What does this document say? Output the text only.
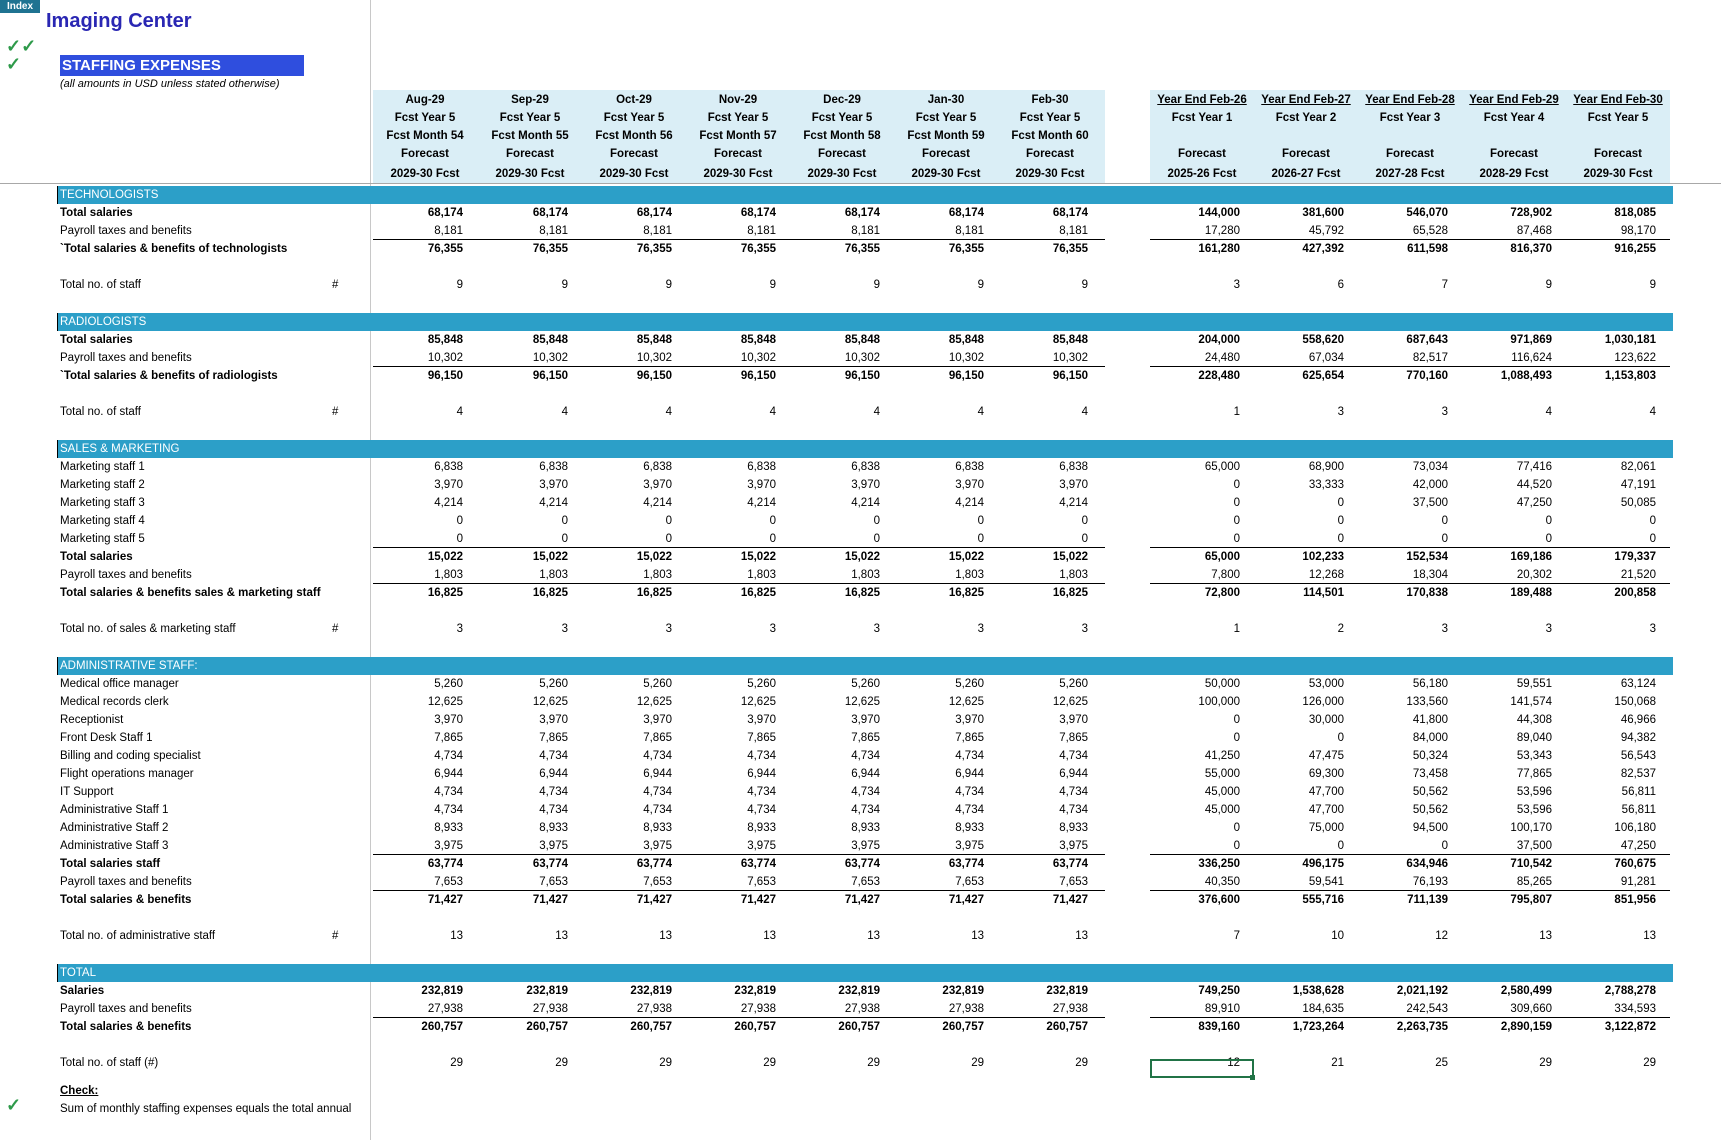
Index
Imaging Center
✓✓
✓	STAFFING EXPENSES
(all amounts in USD unless stated otherwise)
Aug-29	Sep-29	Oct-29	Nov-29	Dec-29	Jan-30	Feb-30	Year End Feb-26	Year End Feb-27	Year End Feb-28	Year End Feb-29	Year End Feb-30
Fcst Year 5	Fcst Year 5	Fcst Year 5	Fcst Year 5	Fcst Year 5	Fcst Year 5	Fcst Year 5	Fcst Year 1	Fcst Year 2	Fcst Year 3	Fcst Year 4	Fcst Year 5
Fcst Month 54	Fcst Month 55	Fcst Month 56	Fcst Month 57	Fcst Month 58	Fcst Month 59	Fcst Month 60
Forecast	Forecast	Forecast	Forecast	Forecast	Forecast	Forecast	Forecast	Forecast	Forecast	Forecast	Forecast
2029-30 Fcst	2029-30 Fcst	2029-30 Fcst	2029-30 Fcst	2029-30 Fcst	2029-30 Fcst	2029-30 Fcst	2025-26 Fcst	2026-27 Fcst	2027-28 Fcst	2028-29 Fcst	2029-30 Fcst
TECHNOLOGISTS
Total salaries	68,174	68,174	68,174	68,174	68,174	68,174	68,174	144,000	381,600	546,070	728,902	818,085
Payroll taxes and benefits	8,181	8,181	8,181	8,181	8,181	8,181	8,181	17,280	45,792	65,528	87,468	98,170
`Total salaries & benefits of technologists	76,355	76,355	76,355	76,355	76,355	76,355	76,355	161,280	427,392	611,598	816,370	916,255
Total no. of staff	#	9	9	9	9	9	9	9	3	6	7	9	9
RADIOLOGISTS
Total salaries	85,848	85,848	85,848	85,848	85,848	85,848	85,848	204,000	558,620	687,643	971,869	1,030,181
Payroll taxes and benefits	10,302	10,302	10,302	10,302	10,302	10,302	10,302	24,480	67,034	82,517	116,624	123,622
`Total salaries & benefits of radiologists	96,150	96,150	96,150	96,150	96,150	96,150	96,150	228,480	625,654	770,160	1,088,493	1,153,803
Total no. of staff	#	4	4	4	4	4	4	4	1	3	3	4	4
SALES & MARKETING
Marketing staff 1	6,838	6,838	6,838	6,838	6,838	6,838	6,838	65,000	68,900	73,034	77,416	82,061
Marketing staff 2	3,970	3,970	3,970	3,970	3,970	3,970	3,970	0	33,333	42,000	44,520	47,191
Marketing staff 3	4,214	4,214	4,214	4,214	4,214	4,214	4,214	0	0	37,500	47,250	50,085
Marketing staff 4	0	0	0	0	0	0	0	0	0	0	0	0
Marketing staff 5	0	0	0	0	0	0	0	0	0	0	0	0
Total salaries	15,022	15,022	15,022	15,022	15,022	15,022	15,022	65,000	102,233	152,534	169,186	179,337
Payroll taxes and benefits	1,803	1,803	1,803	1,803	1,803	1,803	1,803	7,800	12,268	18,304	20,302	21,520
Total salaries & benefits sales & marketing staff	16,825	16,825	16,825	16,825	16,825	16,825	16,825	72,800	114,501	170,838	189,488	200,858
Total no. of sales & marketing staff	#	3	3	3	3	3	3	3	1	2	3	3	3
ADMINISTRATIVE STAFF:
Medical office manager	5,260	5,260	5,260	5,260	5,260	5,260	5,260	50,000	53,000	56,180	59,551	63,124
Medical records clerk	12,625	12,625	12,625	12,625	12,625	12,625	12,625	100,000	126,000	133,560	141,574	150,068
Receptionist	3,970	3,970	3,970	3,970	3,970	3,970	3,970	0	30,000	41,800	44,308	46,966
Front Desk Staff 1	7,865	7,865	7,865	7,865	7,865	7,865	7,865	0	0	84,000	89,040	94,382
Billing and coding specialist	4,734	4,734	4,734	4,734	4,734	4,734	4,734	41,250	47,475	50,324	53,343	56,543
Flight operations manager	6,944	6,944	6,944	6,944	6,944	6,944	6,944	55,000	69,300	73,458	77,865	82,537
IT Support	4,734	4,734	4,734	4,734	4,734	4,734	4,734	45,000	47,700	50,562	53,596	56,811
Administrative Staff 1	4,734	4,734	4,734	4,734	4,734	4,734	4,734	45,000	47,700	50,562	53,596	56,811
Administrative Staff 2	8,933	8,933	8,933	8,933	8,933	8,933	8,933	0	75,000	94,500	100,170	106,180
Administrative Staff 3	3,975	3,975	3,975	3,975	3,975	3,975	3,975	0	0	0	37,500	47,250
Total salaries staff	63,774	63,774	63,774	63,774	63,774	63,774	63,774	336,250	496,175	634,946	710,542	760,675
Payroll taxes and benefits	7,653	7,653	7,653	7,653	7,653	7,653	7,653	40,350	59,541	76,193	85,265	91,281
Total salaries & benefits	71,427	71,427	71,427	71,427	71,427	71,427	71,427	376,600	555,716	711,139	795,807	851,956
Total no. of administrative staff	#	13	13	13	13	13	13	13	7	10	12	13	13
TOTAL
Salaries	232,819	232,819	232,819	232,819	232,819	232,819	232,819	749,250	1,538,628	2,021,192	2,580,499	2,788,278
Payroll taxes and benefits	27,938	27,938	27,938	27,938	27,938	27,938	27,938	89,910	184,635	242,543	309,660	334,593
Total salaries & benefits	260,757	260,757	260,757	260,757	260,757	260,757	260,757	839,160	1,723,264	2,263,735	2,890,159	3,122,872
Total no. of staff (#)	29	29	29	29	29	29	29	12	21	25	29	29
Check:
Sum of monthly staffing expenses equals the total annual
✓
